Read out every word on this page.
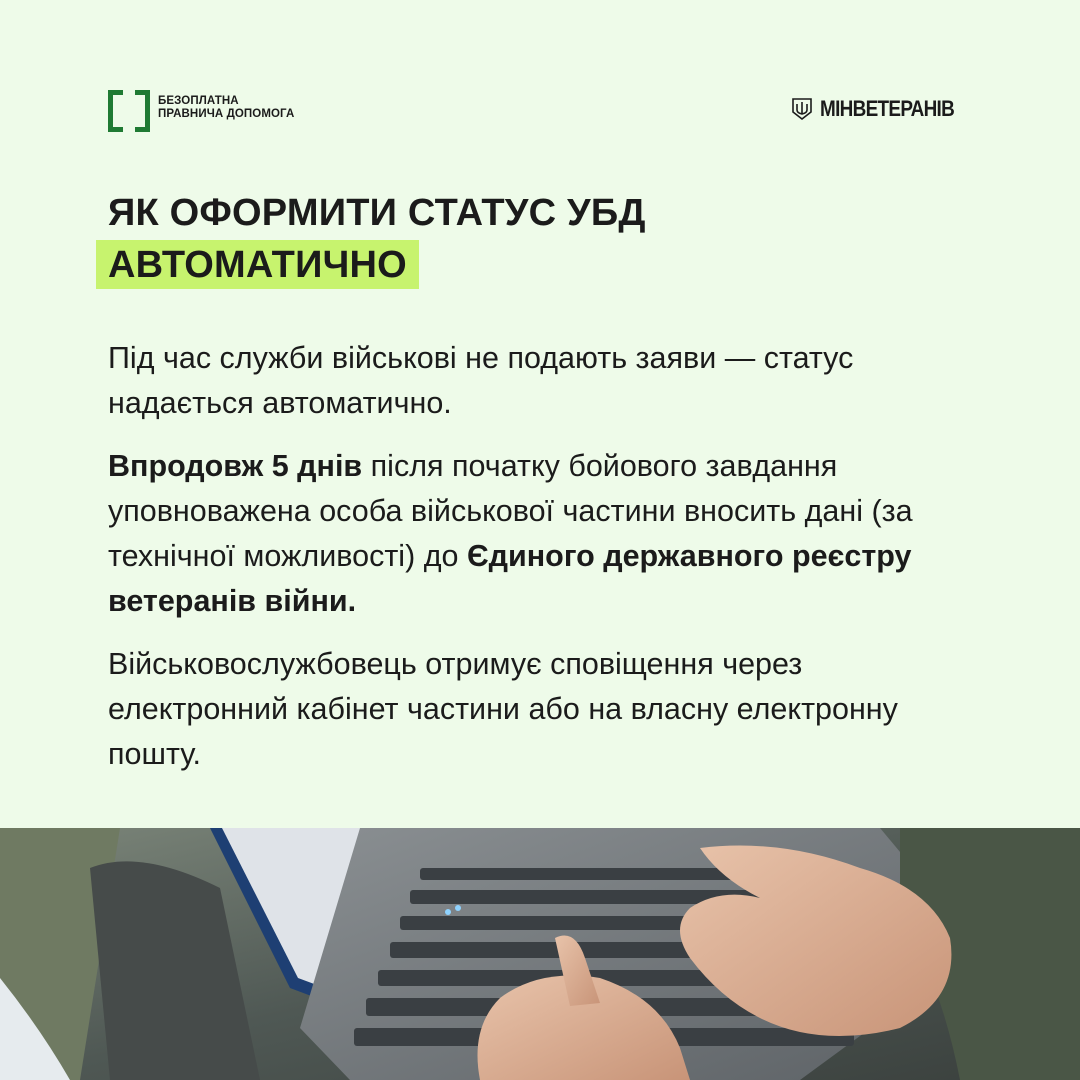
БЕЗОПЛАТНА
ПРАВНИЧА ДОПОМОГА	МІНВЕТЕРАНІВ
ЯК ОФОРМИТИ СТАТУС УБД
АВТОМАТИЧНО

Під час служби військові не подають заяви — статус надається автоматично.

Впродовж 5 днів після початку бойового завдання уповноважена особа військової частини вносить дані (за технічної можливості) до Єдиного державного реєстру ветеранів війни.

Військовослужбовець отримує сповіщення через електронний кабінет частини або на власну електронну пошту.
